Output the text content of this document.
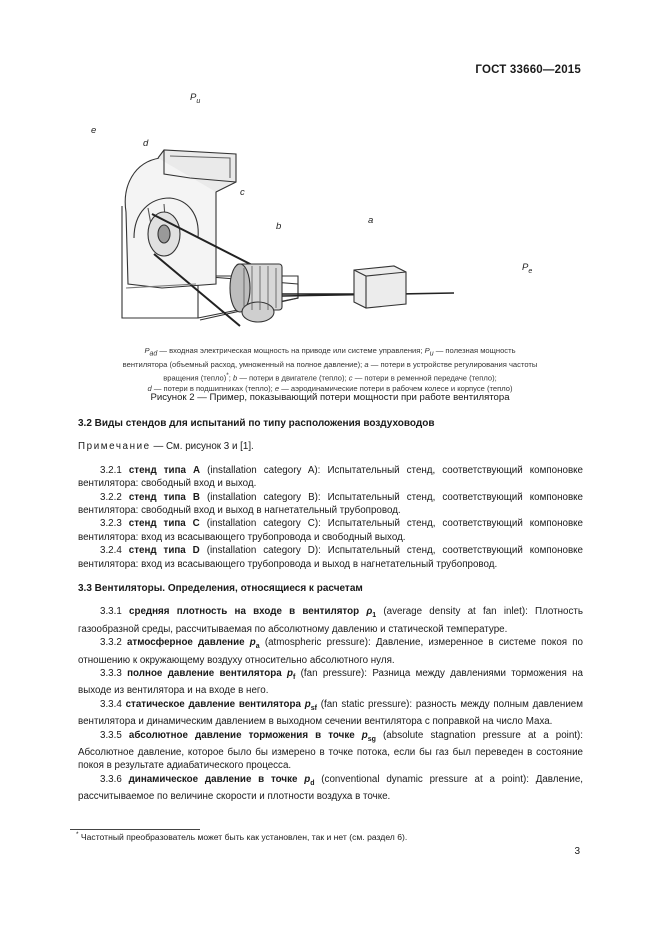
ГОСТ 33660—2015
$P_u$
e
d
c
b
a
$P_e$
$P_{ad}$ — входная электрическая мощность на приводе или системе управления; $P_u$ — полезная мощность
вентилятора (объемный расход, умноженный на полное давление); a — потери в устройстве регулирования частоты
вращения (тепло)*; b — потери в двигателе (тепло); c — потери в ременной передаче (тепло);
d — потери в подшипниках (тепло); e — аэродинамические потери в рабочем колесе и корпусе (тепло)
Рисунок 2 — Пример, показывающий потери мощности при работе вентилятора
3.2 Виды стендов для испытаний по типу расположения воздуховодов
Примечание — См. рисунок 3 и [1].
3.2.1 стенд типа А (installation category A): Испытательный стенд, соответствующий компоновке вентилятора: свободный вход и выход.
3.2.2 стенд типа В (installation category B): Испытательный стенд, соответствующий компоновке вентилятора: свободный вход и выход в нагнетательный трубопровод.
3.2.3 стенд типа С (installation category C): Испытательный стенд, соответствующий компоновке вентилятора: вход из всасывающего трубопровода и свободный выход.
3.2.4 стенд типа D (installation category D): Испытательный стенд, соответствующий компоновке вентилятора: вход из всасывающего трубопровода и выход в нагнетательный трубопровод.
3.3 Вентиляторы. Определения, относящиеся к расчетам
3.3.1 средняя плотность на входе в вентилятор $\rho_1$ (average density at fan inlet): Плотность газообразной среды, рассчитываемая по абсолютному давлению и статической температуре.
3.3.2 атмосферное давление $p_a$ (atmospheric pressure): Давление, измеренное в системе покоя по отношению к окружающему воздуху относительно абсолютного нуля.
3.3.3 полное давление вентилятора $p_f$ (fan pressure): Разница между давлениями торможения на выходе из вентилятора и на входе в него.
3.3.4 статическое давление вентилятора $p_{sf}$ (fan static pressure): разность между полным давлением вентилятора и динамическим давлением в выходном сечении вентилятора с поправкой на число Маха.
3.3.5 абсолютное давление торможения в точке $p_{sg}$ (absolute stagnation pressure at a point): Абсолютное давление, которое было бы измерено в точке потока, если бы газ был переведен в состояние покоя в результате адиабатического процесса.
3.3.6 динамическое давление в точке $p_d$ (conventional dynamic pressure at a point): Давление, рассчитываемое по величине скорости и плотности воздуха в точке.
* Частотный преобразователь может быть как установлен, так и нет (см. раздел 6).
3
